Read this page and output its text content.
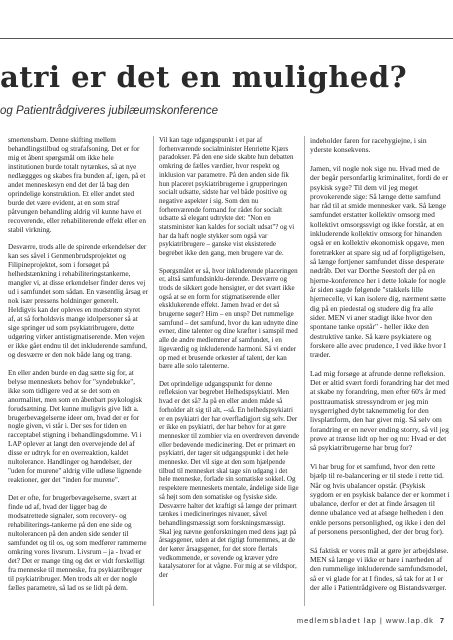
atri er det en mulighed?
og Patientrådgiveres jubilæumskonference

smertensbarn. Denne skifting mellem behandlingstilbud og strafafsoning. Det er for mig et åbent spørgsmål om ikke hele institutionen burde totalt nytænkes, så at nye nedlæggges og skabes fra bunden af, igen, på et andet menneskesyn end det der lå bag den oprindelige konstruktion. Et eller andet sted burde det være evident, at en som straf påtvungen behandling aldrig vil kunne have et recoverende, eller rehabiliterende effekt eller en stabil virkning.

Desværre, trods alle de spirende erkendelser der kan ses såvel i Genmenbrudsprojektet og Filipineprojektet, som i forsøget på helhedstænkning i rehabiliteringstankerne, mangler vi, at disse erkendelser finder deres vej ud i samfundet som sådan. En væsentlig årsag er nok især pressens holdninger generelt. Heldigvis kan der opleves en modstrøm styret af, at så forholdsvis mange idolpersoner så at sige springer ud som psykiatribrugere, dette udgøring virker antistigmatiserende. Men vejen er ikke gået endnu til det inkluderende samfund, og desværre er den nok både lang og trang.

En eller anden burde en dag sætte sig for, at belyse menneskets behov for "syndebukke", ikke som tidligere ved at se det som en anormalitet, men som en åbenbart psykologisk forudsætning. Det kunne muligvis give lidt a. brugerbevægelserne ideer om, hvad der er for nogle given, vi står i. Der ses for tiden en racceptabel stigning i behandlingsdomme. Vi i LAP oplever at langt den overvejende del af disse er udtryk for en overreaktion, kaldet nultolerance. Handlinger og hændelser, der "uden for murene" aldrig ville udløse lignende reaktioner, gør det "inden for murene".

Det er ofte, for brugerbevægelserne, svært at finde ud af, hvad der ligger bag de modsatrettede signaler, som recovery- og rehabiliterings-tankerne på den ene side og nultolerancen på den anden side sender til samfundet og til os, og som medfører rammerne omkring vores livsrum. Livsrum – ja - hvad er det? Det er mange ting og det er vidt forskelligt fra menneske til menneske, fra psykiatribruger til psykiatribruger. Men trods alt er der nogle fælles parametre, så lad os se lidt på dem.

Vil kan tage udgangspunkt i et par af forhenværende socialminister Henriette Kjærs paradokser. På den ene side skabte hun debatten omkring de fælles værdier, hvor respekt og inklusion var parametre. På den anden side fik hun placeret psykiatribrugerne i grupperingen socialt udsatte, sidste har vel både positive og negative aspekter i sig. Som den nu forhenværende formand for rådet for socialt udsatte så elegant udtrykte det: "Non en statsminister kan kaldes for socialt udsat"? og vi har da haft nogle stykker som også var psykiatribrugere – ganske vist eksisterede begrebet ikke den gang, men brugere var de.

Spørgsmålet er så, hvor inkluderende placeringen er, altså samfundsinklu-derende. Desværre og trods de sikkert gode hensigter, er det svært ikke også at se en form for stigmatiserende eller eksklukerende effekt. Jamen hvad er det så brugerne søger? Him – en unsp? Det rummelige samfund – det samfund, hvor du kan udnytte dine evner, dine talenter og dine kræfter i samspil med alle de andre medlemmer af samfundet, i en ligeværdig og inkluderende harmoni. Så vi ender op med et brusende orkester af talent, der kan bære alle solo talenterne.

Det oprindelige udgangspunkt for denne refleksion var begrebet Helhedspsykiatri. Men hvad er det så? Ja på en eller anden måde så forholder alt sig til alt, --så. En helhedspsykiatri er en psykiatri der har overfladigjort sig selv. Der er ikke en psykiatri, der har behov for at gøre mennesker til zombier via en overdreven døvende eller bedøvende medicinering. Det er primært en psykiatri, der tager sit udgangspunkt i det hele menneske. Det vil sige at den som hjælpende tilbud til mennesket skal tage sin udgang i det hele menneske, forlade sin somatiske sokkel. Og respektere menneskets mentale, åndelige side lige så højt som den somatiske og fysiske side. Desværre halter det kraftigt så længe der primært tænkes i medicineringes nivauer, såvel behandlingsmæssigt som forskningsmæssigt. Skal jeg nævne genforskningen med dens jagt på årsagsgener, uden at det rigtigt fornemmes, at de der kører årsagsgener, for det store flertals vedkommende, er sovende og kræver ydre katalysatorer for at vågne. For mig at se vildspor, der

indeholder faren for racehygiejne, i sin yderste konsekvens.

Jamen, vil nogle nok sige nu. Hvad med de der begår personfarlig kriminalitet, fordi de er psykisk syge? Til dem vil jeg meget provokerende sige: Så længe dette samfund har råd til at smide mennesker væk. Så længe samfundet erstatter kollektiv omsorg med kollektivt omsorgssvigt og ikke forstår, at en inkluderende kollektiv omsorg for hinanden også er en kollektiv økonomisk opgave, men foretrækker at spare sig ud af forpligtigelsen, så længe fortjener samfundet disse desperate nødråb. Det var Dorthe Seestoft der på en hjerne-konference her i dette lokale for nogle år siden sagde følgende "stakkels lille hjernecelle, vi kan isolere dig, nærment sætte dig på en piedestal og studere dig fra alle sider. MEN vi aner stadigt ikke hvor den spontane tanke opstår" - heller ikke den destruktive tanke. Så kære psykiatere og forskere alle avec prudence, I ved ikke hvor I træder.

Lad mig forsøge at afrunde denne refleksion. Det er altid svært fordi forandring har det med at skabe ny forandring, men efter 60's år med posttraumatisk stressyndrom er jeg min nysgerrighed dybt taknemmelig for den livsplattform, den har givet mig. Så selv om forandring er en never ending storry, så vil jeg prøve at trænse lidt op her og nu: Hvad er det så psykiatribrugerne har brug for?

Vi har brug for et samfund, hvor den rette bjælp til re-balancering er til stede i rette tid. Når og hvis ubalancer opstår. (Psykisk sygdom er en psykisk balance der er kommet i ubalance, derfor er det at finde årsagen til denne ubalance ved at afsøge helheden i den enkle persons personlighed, og ikke i den del af personens personlighed, der der brug for).

Så faktisk er vores mål at gøre jer arbejdsløse. MEN så længe vi ikke er bare i nærheden af den rummelige inkluderende samfundsmodel, så er vi glade for at I findes, så tak for at I er der alle i Patientrådgivere og Bistandsværger.

medlemsbladet lap | www.lap.dk 7
